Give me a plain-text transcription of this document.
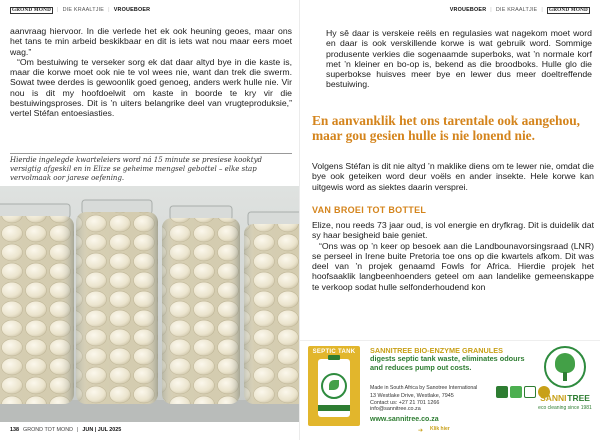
GROND MOND	| DIE KRAALTJIE | VROUEBOER

aanvraag hiervoor. In die verlede het ek ook heuning geoes, maar ons het tans te min arbeid beskikbaar en dit is iets wat nou maar eers moet wag.”

“Om bestuiwing te verseker sorg ek dat daar altyd bye in die kaste is, maar die korwe moet ook nie te vol wees nie, want dan trek die swerm. Sowat twee derdes is gewoonlik goed genoeg, anders werk hulle nie. Vir nou is dit my hoofdoelwit om kaste in boorde te kry vir die bestuiwingsproses. Dit is ’n uiters belangrike deel van vrugteproduksie,” vertel Stéfan entoesiasties.

Hierdie ingelegde kwarteleiers word ná 15 minute se presiese kooktyd versigtig afgeskil en in Elize se geheime mengsel gebottel – elke stap vervolmaak oor jarese oefening.
138 GROND TOT MOND | JUN | JUL 2025
VROUEBOER | DIE KRAALTJIE |	GROND MOND

Hy sê daar is verskeie reëls en regulasies wat nagekom moet word en daar is ook verskillende korwe is wat gebruik word. Sommige produsente verkies die sogenaamde superboks, wat ’n normale korf met ’n kleiner en bo-op is, bekend as die broodboks. Hulle glo die superbokse huisves meer bye en lewer dus meer doeltreffende bestuiwing.

En aanvanklik het ons tarentale ook aangehou, maar gou gesien hulle is nie lonend nie.

Volgens Stéfan is dit nie altyd ’n maklike diens om te lewer nie, omdat die bye ook geteiken word deur voëls en ander insekte. Hele korwe kan uitgewis word as siektes daarin versprei.

VAN BROEI TOT BOTTEL

Elize, nou reeds 73 jaar oud, is vol energie en dryfkrag. Dit is duidelik dat sy haar besigheid baie geniet.

“Ons was op ’n keer op besoek aan die Landbounavorsingsraad (LNR) se perseel in Irene buite Pretoria toe ons op die kwartels afkom. Dit was deel van ’n projek genaamd Fowls for Africa. Hierdie projek het hoofsaaklik langbeenhoenders geteel om aan landelike gemeenskappe te verkoop sodat hulle selfonderhoudend kon

SEPTIC TANK	SANNITREE BIO-ENZYME GRANULES
digests septic tank waste, eliminates odours and reduces pump out costs.
Made in South Africa by Sanotree International
13 Westlake Drive, Westlake, 7945
Contact us: +27 21 701 1266
info@sannitree.co.za
www.sannitree.co.za
➔ Klik hier
SANNI TREE
eco cleaning since 1981
